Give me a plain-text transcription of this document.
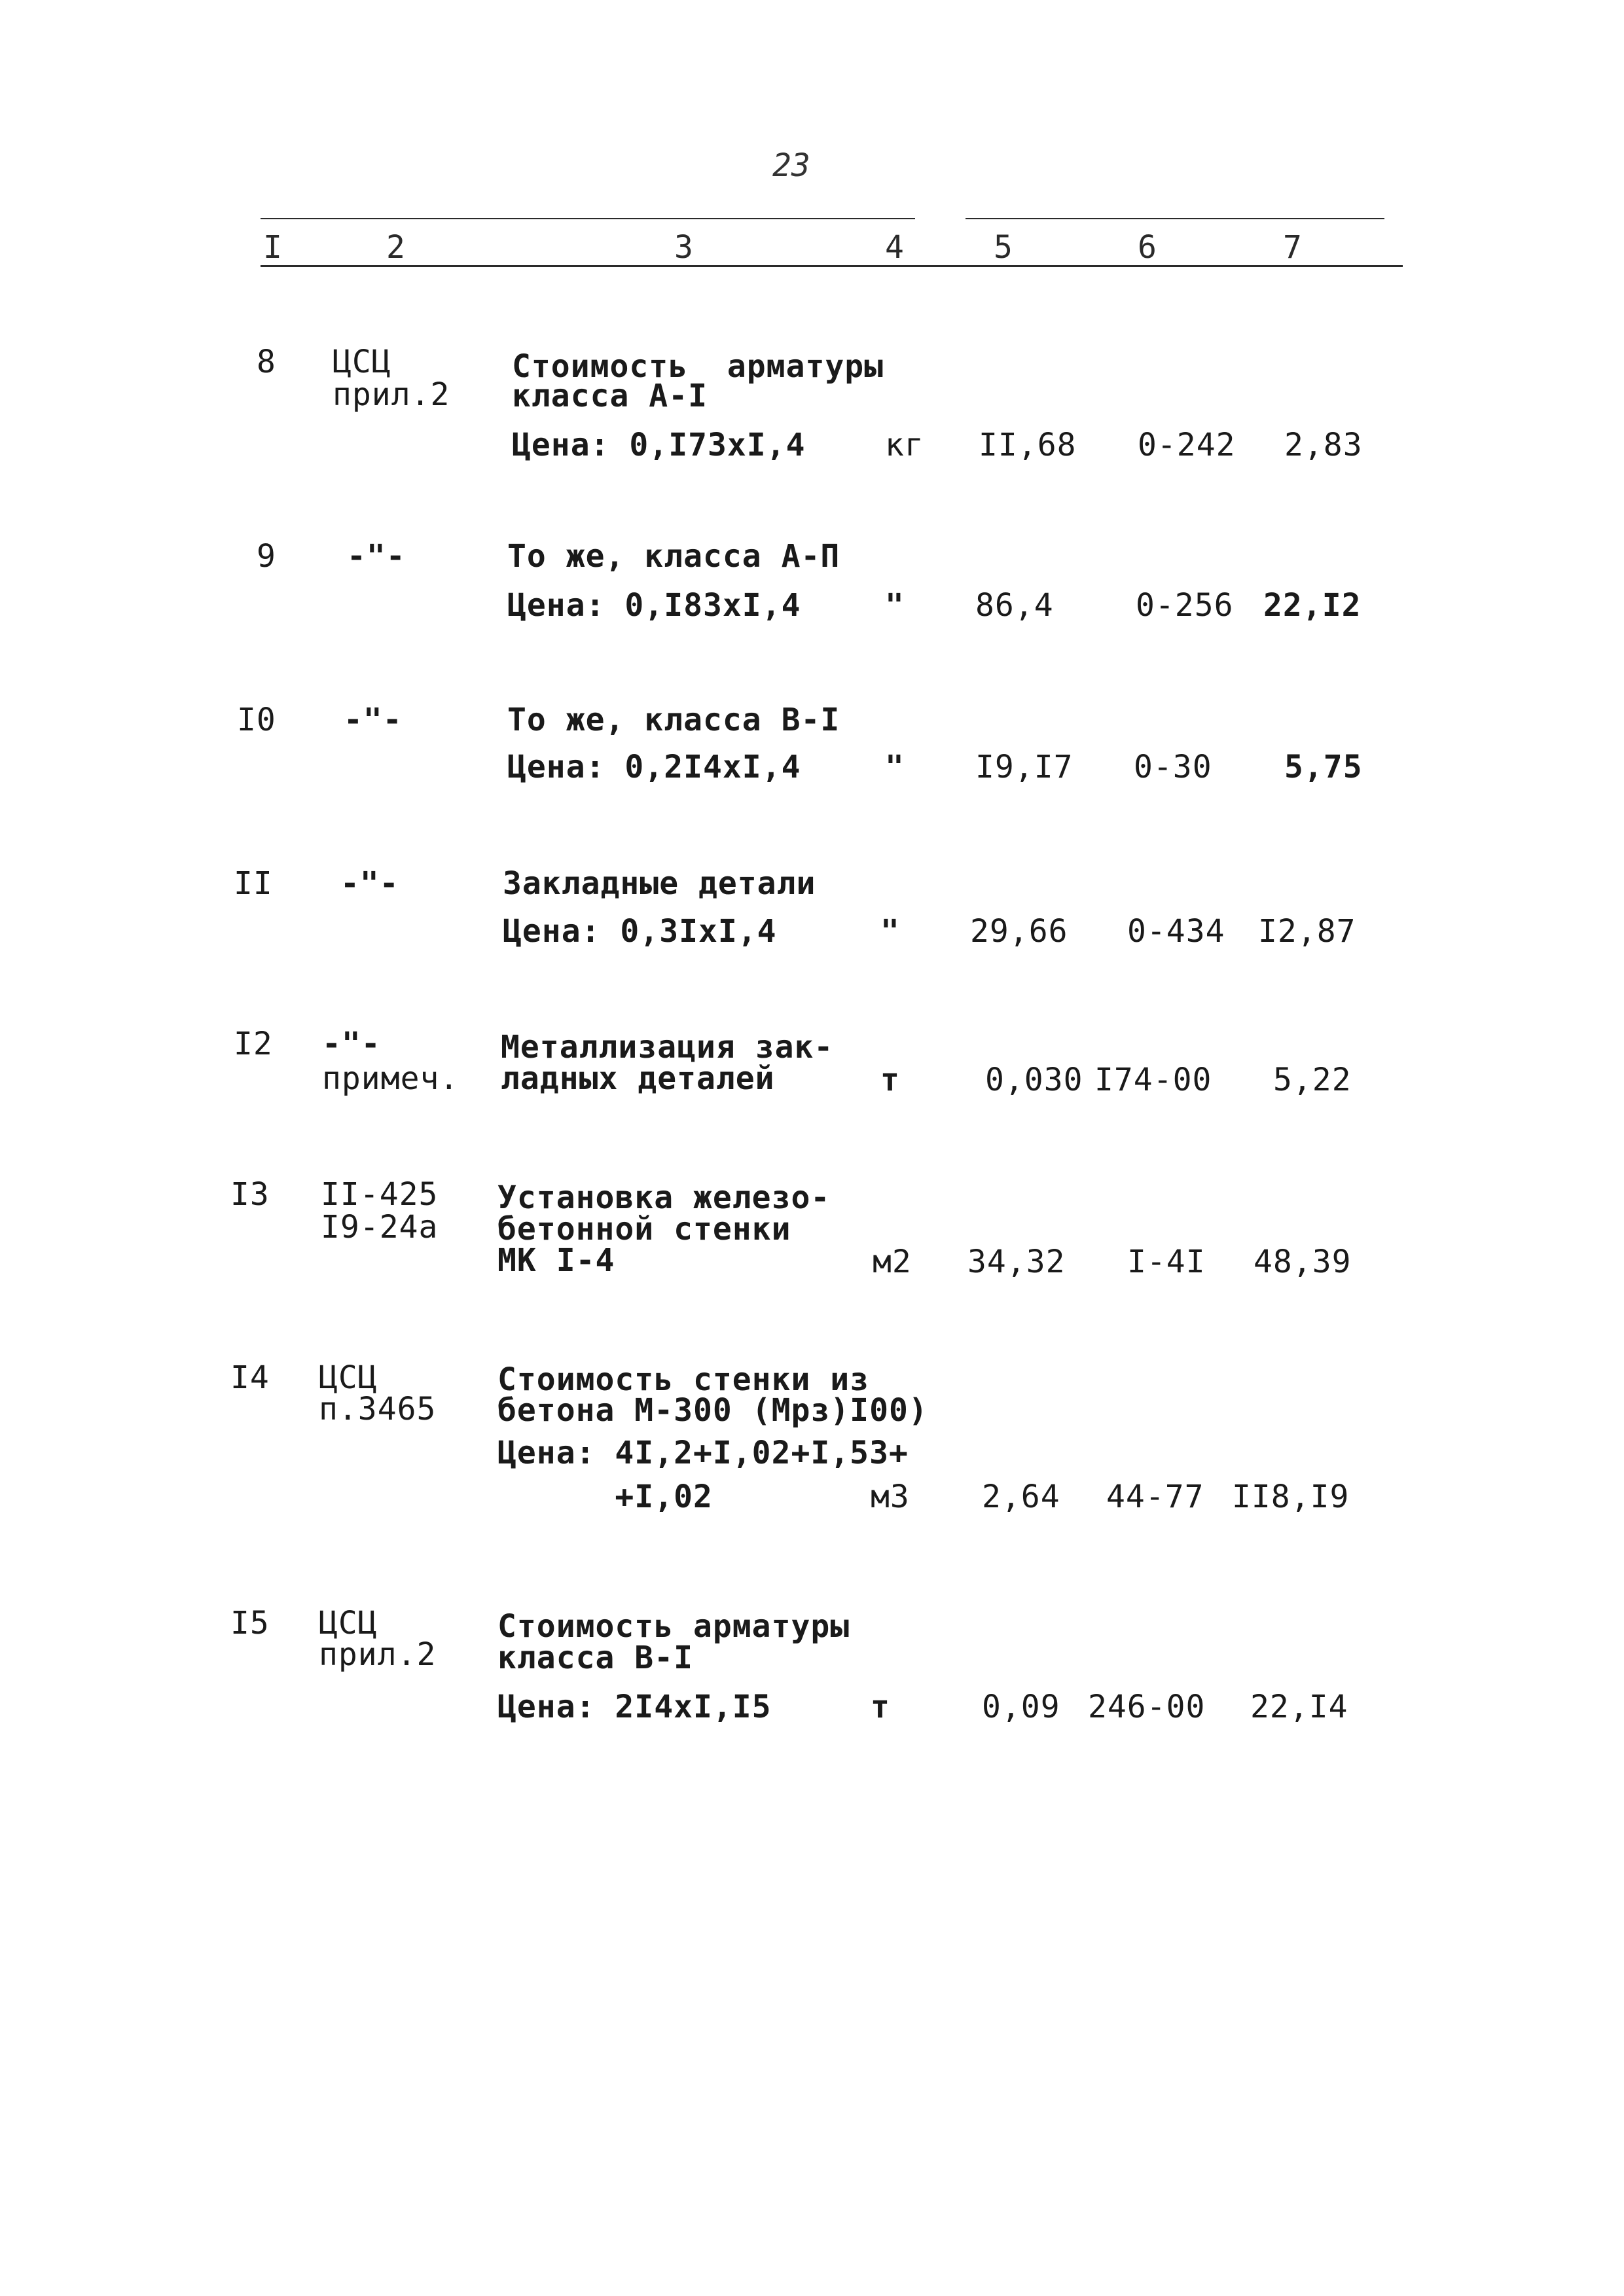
23
I	2	3	4	5	6	7
8 ЦСЦ
прил.2
Стоимость  арматуры
класса А-I
Цена: 0,I73xI,4	кг II,68 0-242 2,83
9 -"-	То же, класса А-П
Цена: 0,I83xI,4	" 86,4	0-256 22,I2
I0 -"-	То же, класса В-I
Цена: 0,2I4xI,4	" I9,I7 0-30 5,75
II -"-	Закладные детали
Цена: 0,3IxI,4	" 29,66 0-434 I2,87
I2 -"-
примеч.
Металлизация зак-
ладных деталей	т	0,030 I74-00 5,22
I3 II-425
I9-24а
Установка железо-
бетонной стенки
МК I-4	м2 34,32 I-4I 48,39
I4 ЦСЦ
п.3465
Стоимость стенки из
бетона М-300 (Мрз)I00)
Цена: 4I,2+I,02+I,53+
+I,02	м3 2,64 44-77 II8,I9
I5 ЦСЦ
прил.2
Стоимость арматуры
класса В-I
Цена: 2I4xI,I5	т	0,09 246-00 22,I4
